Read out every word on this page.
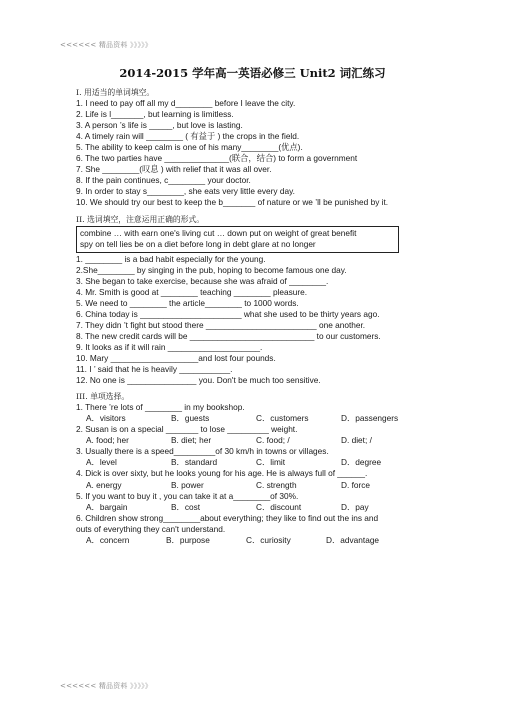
<<<<<< 精品资料 》》》》》
2014-2015 学年高一英语必修三 Unit2 词汇练习
I. 用适当的单词填空。
1. I need to pay off all my d________ before I leave the city.
2. Life is l_______, but learning is limitless.
3. A person ’s life is _____, but love is lasting.
4. A timely rain will ________ ( 有益于 ) the crops in the field.
5. The ability to keep calm is one of his many________(优点).
6. The two parties have ______________(联合，结合) to form a government
7. She ________(叹息 ) with relief that it was all over.
8. If the pain continues, c________ your doctor.
9. In order to stay s________, she eats very little every day.
10. We should try our best to keep the b_______ of nature or we ’ll be punished by it.
II. 选词填空，注意运用正确的形式。
combine … with earn one's living cut … down put on weight of great benefit
spy on tell lies be on a diet before long in debt glare at no longer
1. ________ is a bad habit especially for the young.
2.She________ by singing in the pub, hoping to become famous one day.
3. She began to take exercise, because she was afraid of ________.
4. Mr. Smith is good at ________ teaching ________ pleasure.
5. We need to ________ the article________ to 1000 words.
6. China today is ______________________ what she used to be thirty years ago.
7. They didn ’t fight but stood there ________________________ one another.
8. The new credit cards will be ___________________________ to our customers.
9. It looks as if it will rain ____________________.
10. Mary ___________________and lost four pounds.
11. I ’ said that he is heavily ___________.
12. No one is _______________ you. Don't be much too sensitive.
III. 单项选择。
1. There ’re lots of ________ in my bookshop.
A．visitors	B．guests	C．customers	D．passengers
2. Susan is on a special _______ to lose _________ weight.
A. food; her	B. diet; her	C. food; /	D. diet; /
3. Usually there is a speed_________of 30 km/h in towns or villages.
A．level	B．standard	C．limit	D．degree
4. Dick is over sixty, but he looks young for his age. He is always full of ______.
A. energy	B. power	C. strength	D. force
5. If you want to buy it , you can take it at a________of 30%.
A．bargain	B．cost	C．discount	D．pay
6. Children show strong________about everything; they like to find out the ins and
outs of everything they can't understand.
A．concern	B．purpose	C．curiosity	D．advantage
<<<<<< 精品资料 》》》》》
